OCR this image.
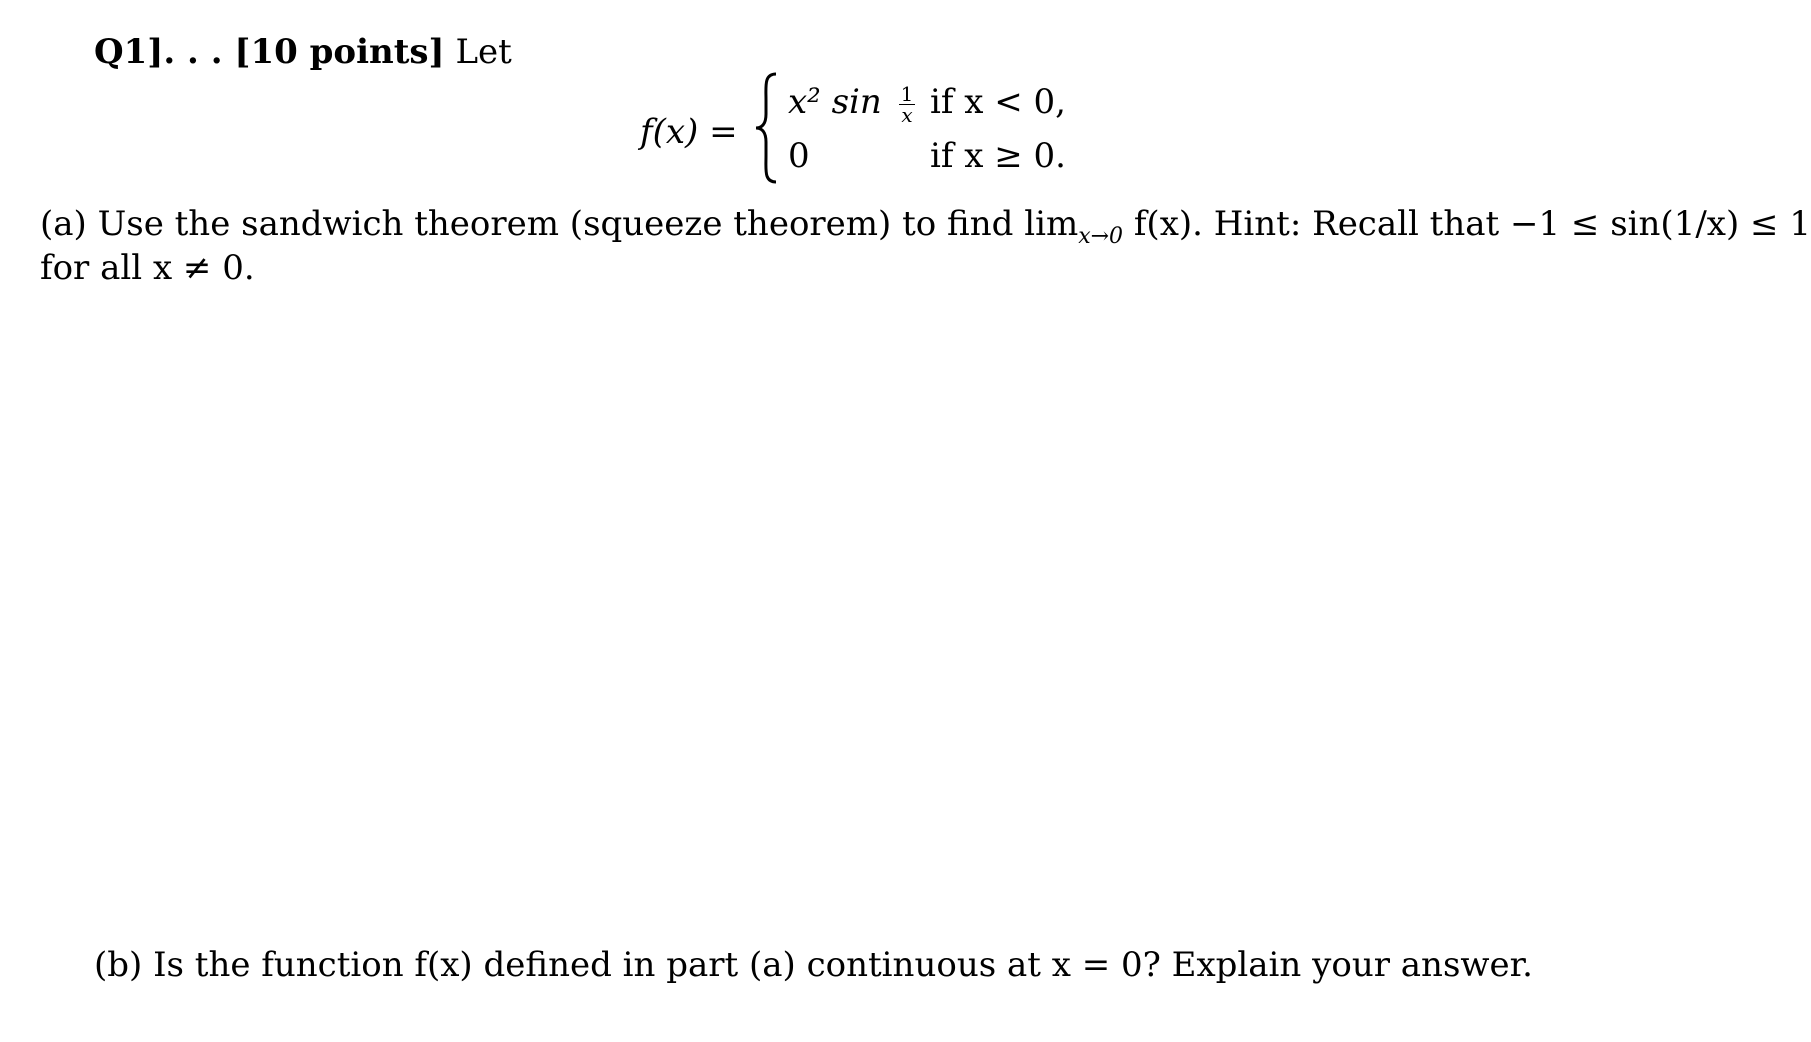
Q1]. . . [10 points] Let
f(x) =
x² $\sin \frac{1}{x}$ if x < 0,
0	if x ≥ 0.
(a) Use the sandwich theorem (squeeze theorem) to find $\lim_{x\to 0} f(x)$. Hint: Recall that −1 ≤ sin(1/x) ≤ 1
for all x ≠ 0.
(b) Is the function f(x) defined in part (a) continuous at x = 0? Explain your answer.
